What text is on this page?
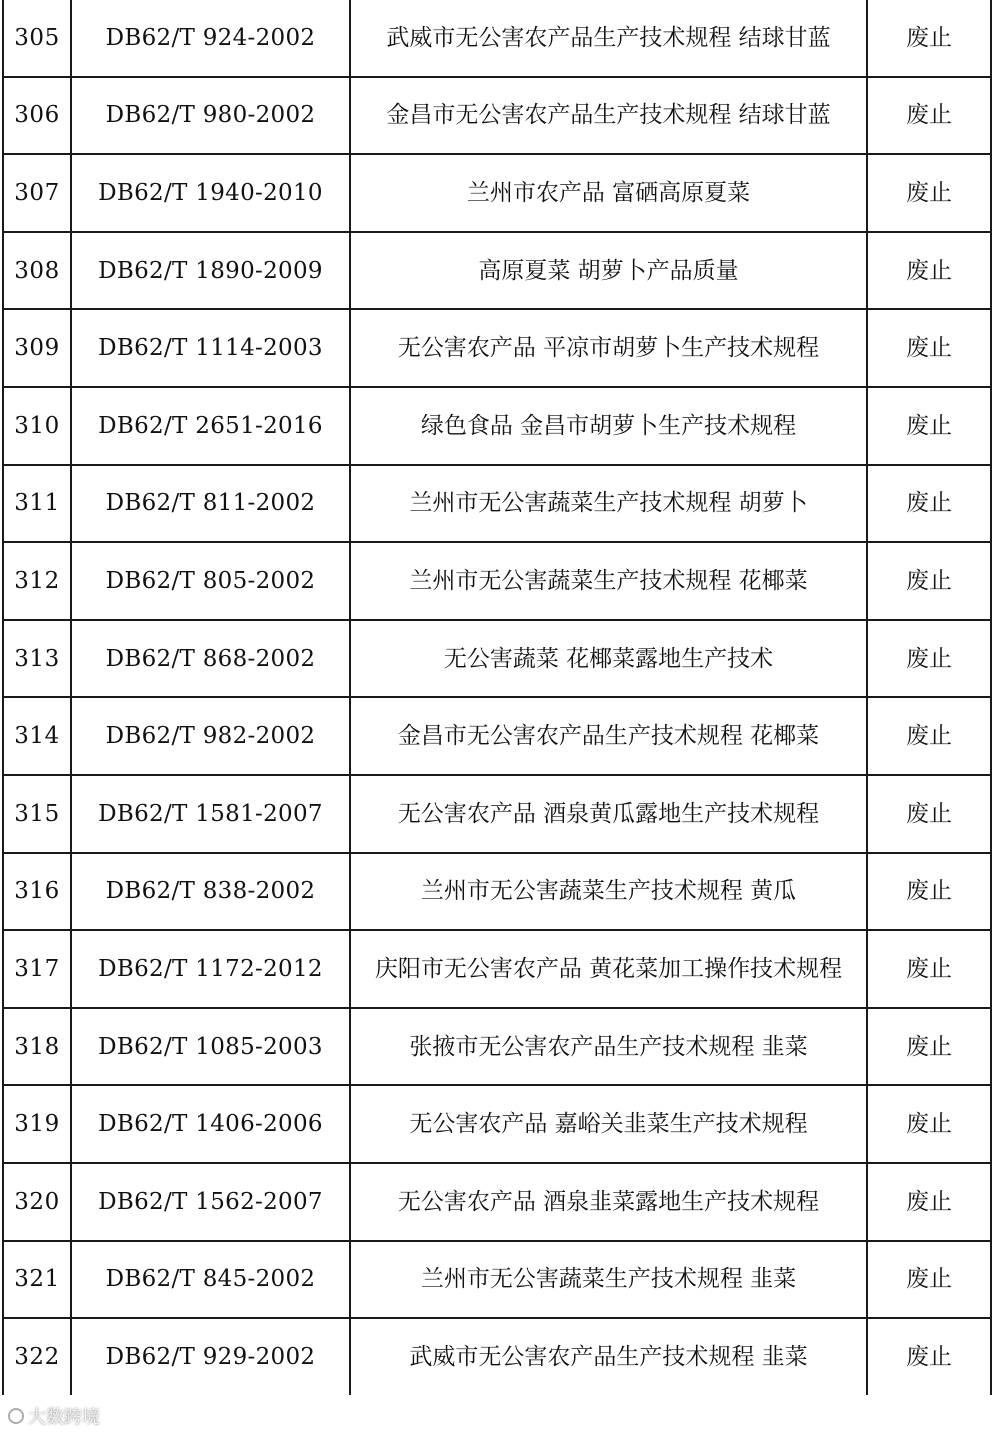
305	DB62/T 924-2002	武威市无公害农产品生产技术规程 结球甘蓝	废止
306	DB62/T 980-2002	金昌市无公害农产品生产技术规程 结球甘蓝	废止
307	DB62/T 1940-2010	兰州市农产品 富硒高原夏菜	废止
308	DB62/T 1890-2009	高原夏菜 胡萝卜产品质量	废止
309	DB62/T 1114-2003	无公害农产品 平凉市胡萝卜生产技术规程	废止
310	DB62/T 2651-2016	绿色食品 金昌市胡萝卜生产技术规程	废止
311	DB62/T 811-2002	兰州市无公害蔬菜生产技术规程 胡萝卜	废止
312	DB62/T 805-2002	兰州市无公害蔬菜生产技术规程 花椰菜	废止
313	DB62/T 868-2002	无公害蔬菜 花椰菜露地生产技术	废止
314	DB62/T 982-2002	金昌市无公害农产品生产技术规程 花椰菜	废止
315	DB62/T 1581-2007	无公害农产品 酒泉黄瓜露地生产技术规程	废止
316	DB62/T 838-2002	兰州市无公害蔬菜生产技术规程 黄瓜	废止
317	DB62/T 1172-2012	庆阳市无公害农产品 黄花菜加工操作技术规程	废止
318	DB62/T 1085-2003	张掖市无公害农产品生产技术规程 韭菜	废止
319	DB62/T 1406-2006	无公害农产品 嘉峪关韭菜生产技术规程	废止
320	DB62/T 1562-2007	无公害农产品 酒泉韭菜露地生产技术规程	废止
321	DB62/T 845-2002	兰州市无公害蔬菜生产技术规程 韭菜	废止
322	DB62/T 929-2002	武威市无公害农产品生产技术规程 韭菜	废止
大数跨境
